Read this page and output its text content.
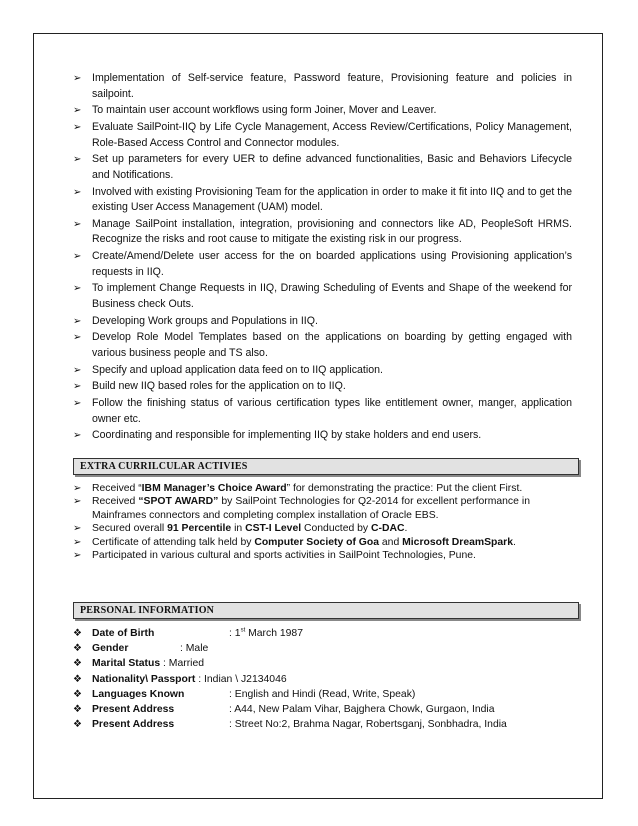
➢ Implementation of Self-service feature, Password feature, Provisioning feature and policies in sailpoint.
➢ To maintain user account workflows using form Joiner, Mover and Leaver.
➢ Evaluate SailPoint-IIQ by Life Cycle Management, Access Review/Certifications, Policy Management, Role-Based Access Control and Connector modules.
➢ Set up parameters for every UER to define advanced functionalities, Basic and Behaviors Lifecycle and Notifications.
➢ Involved with existing Provisioning Team for the application in order to make it fit into IIQ and to get the existing User Access Management (UAM) model.
➢ Manage SailPoint installation, integration, provisioning and connectors like AD, PeopleSoft HRMS. Recognize the risks and root cause to mitigate the existing risk in our progress.
➢ Create/Amend/Delete user access for the on boarded applications using Provisioning application’s requests in IIQ.
➢ To implement Change Requests in IIQ, Drawing Scheduling of Events and Shape of the weekend for Business check Outs.
➢ Developing Work groups and Populations in IIQ.
➢ Develop Role Model Templates based on the applications on boarding by getting engaged with various business people and TS also.
➢ Specify and upload application data feed on to IIQ application.
➢ Build new IIQ based roles for the application on to IIQ.
➢ Follow the finishing status of various certification types like entitlement owner, manger, application owner etc.
➢ Coordinating and responsible for implementing IIQ by stake holders and end users.
EXTRA CURRILCULAR ACTIVIES
➢ Received “IBM Manager’s Choice Award” for demonstrating the practice: Put the client First.
➢ Received “SPOT AWARD” by SailPoint Technologies for Q2-2014 for excellent performance in Mainframes connectors and completing complex installation of Oracle EBS.
➢ Secured overall 91 Percentile in CST-I Level Conducted by C-DAC.
➢ Certificate of attending talk held by Computer Society of Goa and Microsoft DreamSpark.
➢ Participated in various cultural and sports activities in SailPoint Technologies, Pune.
PERSONAL INFORMATION
❖ Date of Birth	: 1st March 1987
❖ Gender	: Male
❖ Marital Status : Married
❖ Nationality\ Passport : Indian \ J2134046
❖ Languages Known	: English and Hindi (Read, Write, Speak)
❖ Present Address	: A44, New Palam Vihar, Bajghera Chowk, Gurgaon, India
❖ Present Address	: Street No:2, Brahma Nagar, Robertsganj, Sonbhadra, India
